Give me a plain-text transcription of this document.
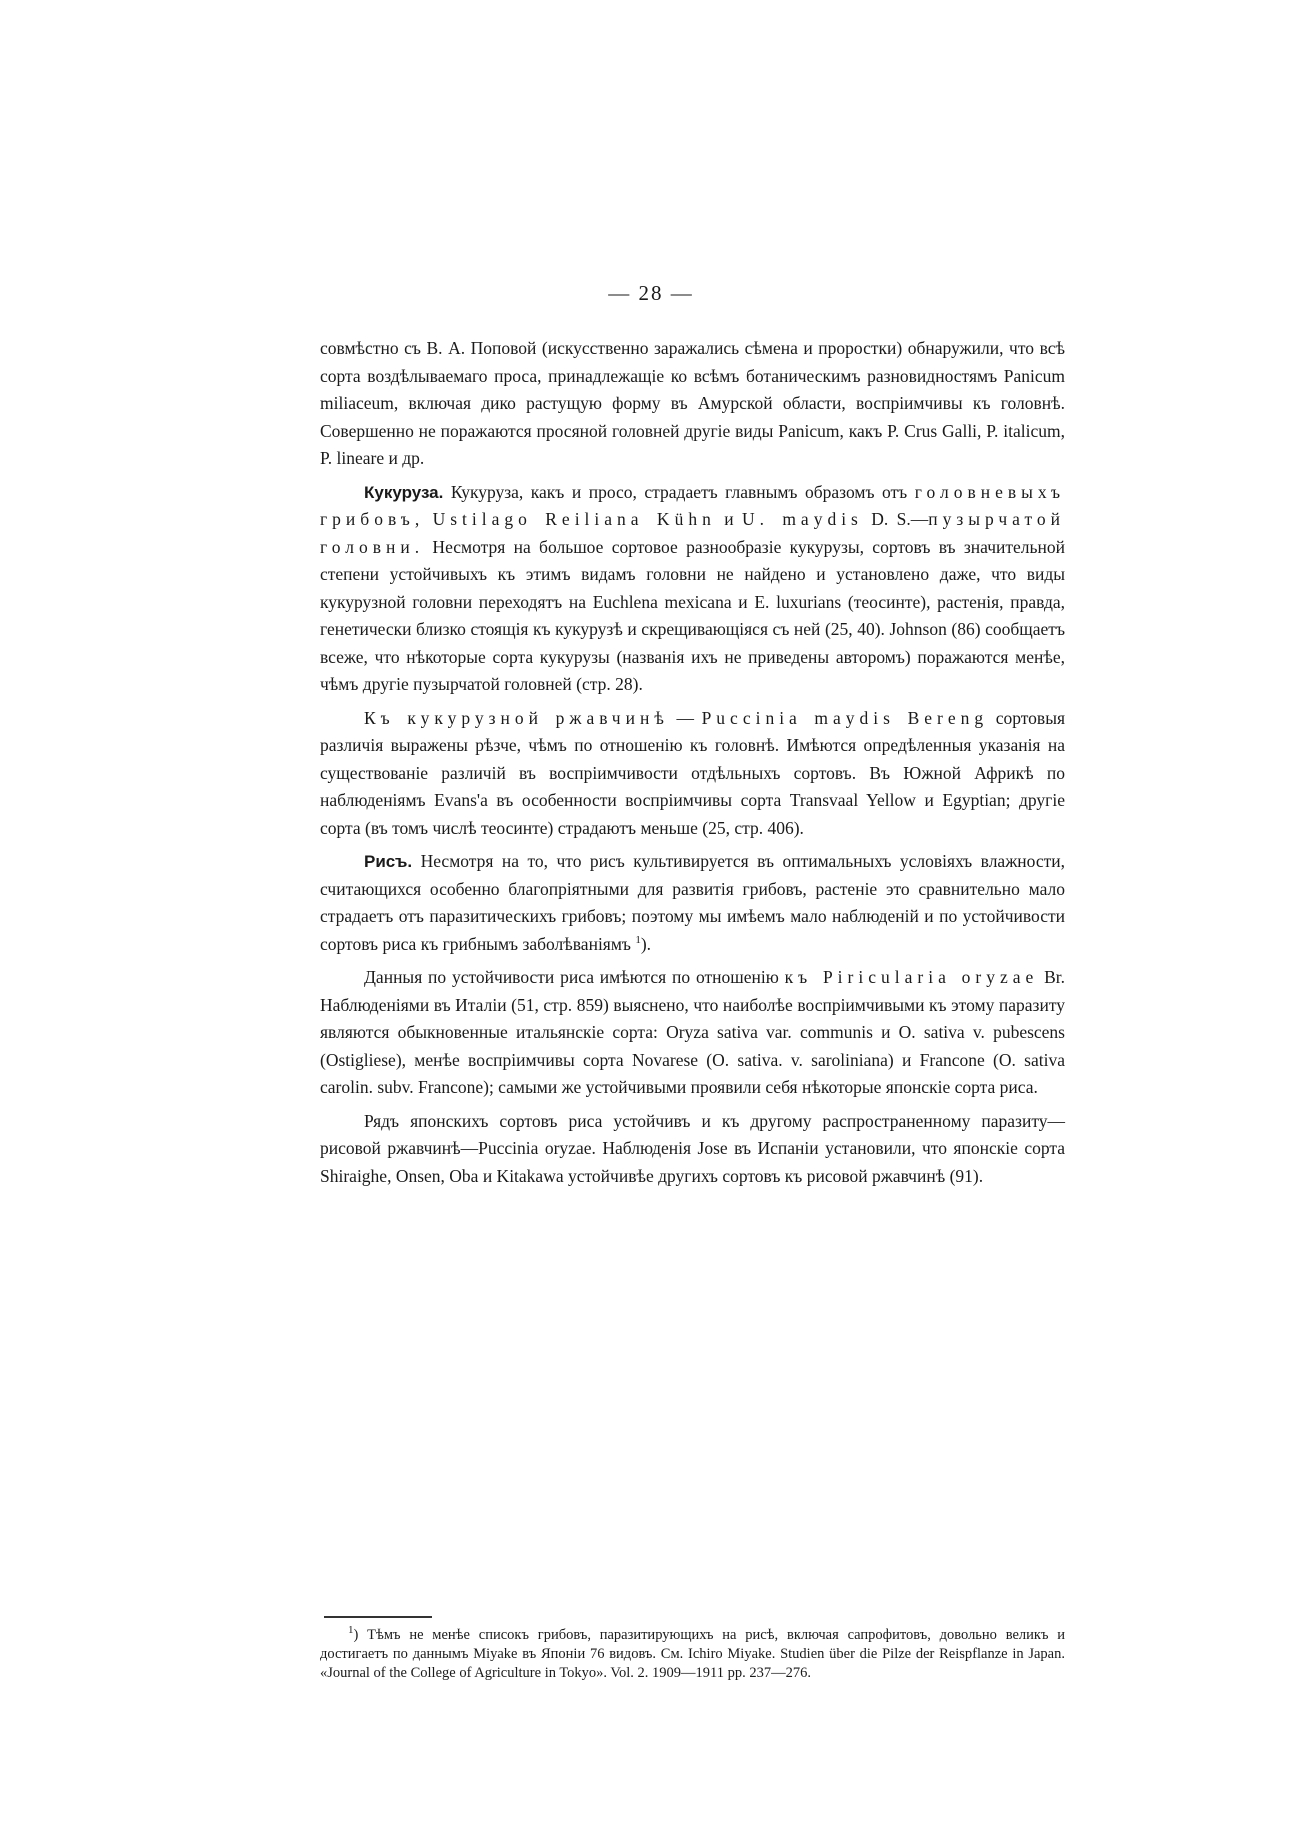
— 28 —

совмѣстно съ В. А. Поповой (искусственно заражались сѣмена и проростки) обнаружили, что всѣ сорта воздѣлываемаго проса, принадлежащіе ко всѣмъ ботаническимъ разновидностямъ Panicum miliaceum, включая дико растущую форму въ Амурской области, воспріимчивы къ головнѣ. Совершенно не поражаются просяной головней другіе виды Panicum, какъ P. Crus Galli, P. italicum, P. lineare и др.

Кукуруза. Кукуруза, какъ и просо, страдаетъ главнымъ образомъ отъ головневыхъ грибовъ, Ustilago Reiliana Kühn и U. maydis D. S.—пузырчатой головни. Несмотря на большое сортовое разнообразіе кукурузы, сортовъ въ значительной степени устойчивыхъ къ этимъ видамъ головни не найдено и установлено даже, что виды кукурузной головни переходятъ на Euchlena mexicana и E. luxurians (теосинте), растенія, правда, генетически близко стоящія къ кукурузѣ и скрещивающіяся съ ней (25, 40). Johnson (86) сообщаетъ всеже, что нѣкоторые сорта кукурузы (названія ихъ не приведены авторомъ) поражаются менѣе, чѣмъ другіе пузырчатой головней (стр. 28).

Къ кукурузной ржавчинѣ — Puccinia maydis Bereng сортовыя различія выражены рѣзче, чѣмъ по отношенію къ головнѣ. Имѣются опредѣленныя указанія на существованіе различій въ воспріимчивости отдѣльныхъ сортовъ. Въ Южной Африкѣ по наблюденіямъ Evans'а въ особенности воспріимчивы сорта Transvaal Yellow и Egyptian; другіе сорта (въ томъ числѣ теосинте) страдаютъ меньше (25, стр. 406).

Рисъ. Несмотря на то, что рисъ культивируется въ оптимальныхъ условіяхъ влажности, считающихся особенно благопріятными для развитія грибовъ, растеніе это сравнительно мало страдаетъ отъ паразитическихъ грибовъ; поэтому мы имѣемъ мало наблюденій и по устойчивости сортовъ риса къ грибнымъ заболѣваніямъ $^1$).

Данныя по устойчивости риса имѣются по отношенію къ Piricularia oryzae Br. Наблюденіями въ Италіи (51, стр. 859) выяснено, что наиболѣе воспріимчивыми къ этому паразиту являются обыкновенные итальянскіе сорта: Oryza sativa var. communis и O. sativa v. pubescens (Ostigliese), менѣе воспріимчивы сорта Novarese (O. sativa. v. saroliniana) и Francone (O. sativa carolin. subv. Francone); самыми же устойчивыми проявили себя нѣкоторые японскіе сорта риса.

Рядъ японскихъ сортовъ риса устойчивъ и къ другому распространенному паразиту—рисовой ржавчинѣ—Puccinia oryzae. Наблюденія Jose въ Испаніи установили, что японскіе сорта Shiraighe, Onsen, Oba и Kitakawa устойчивѣе другихъ сортовъ къ рисовой ржавчинѣ (91).

$^1$) Тѣмъ не менѣе списокъ грибовъ, паразитирующихъ на рисѣ, включая сапрофитовъ, довольно великъ и достигаетъ по даннымъ Miyake въ Японіи 76 видовъ. См. Ichiro Miyake. Studien über die Pilze der Reispflanze in Japan. «Journal of the College of Agriculture in Tokyo». Vol. 2. 1909—1911 pp. 237—276.
